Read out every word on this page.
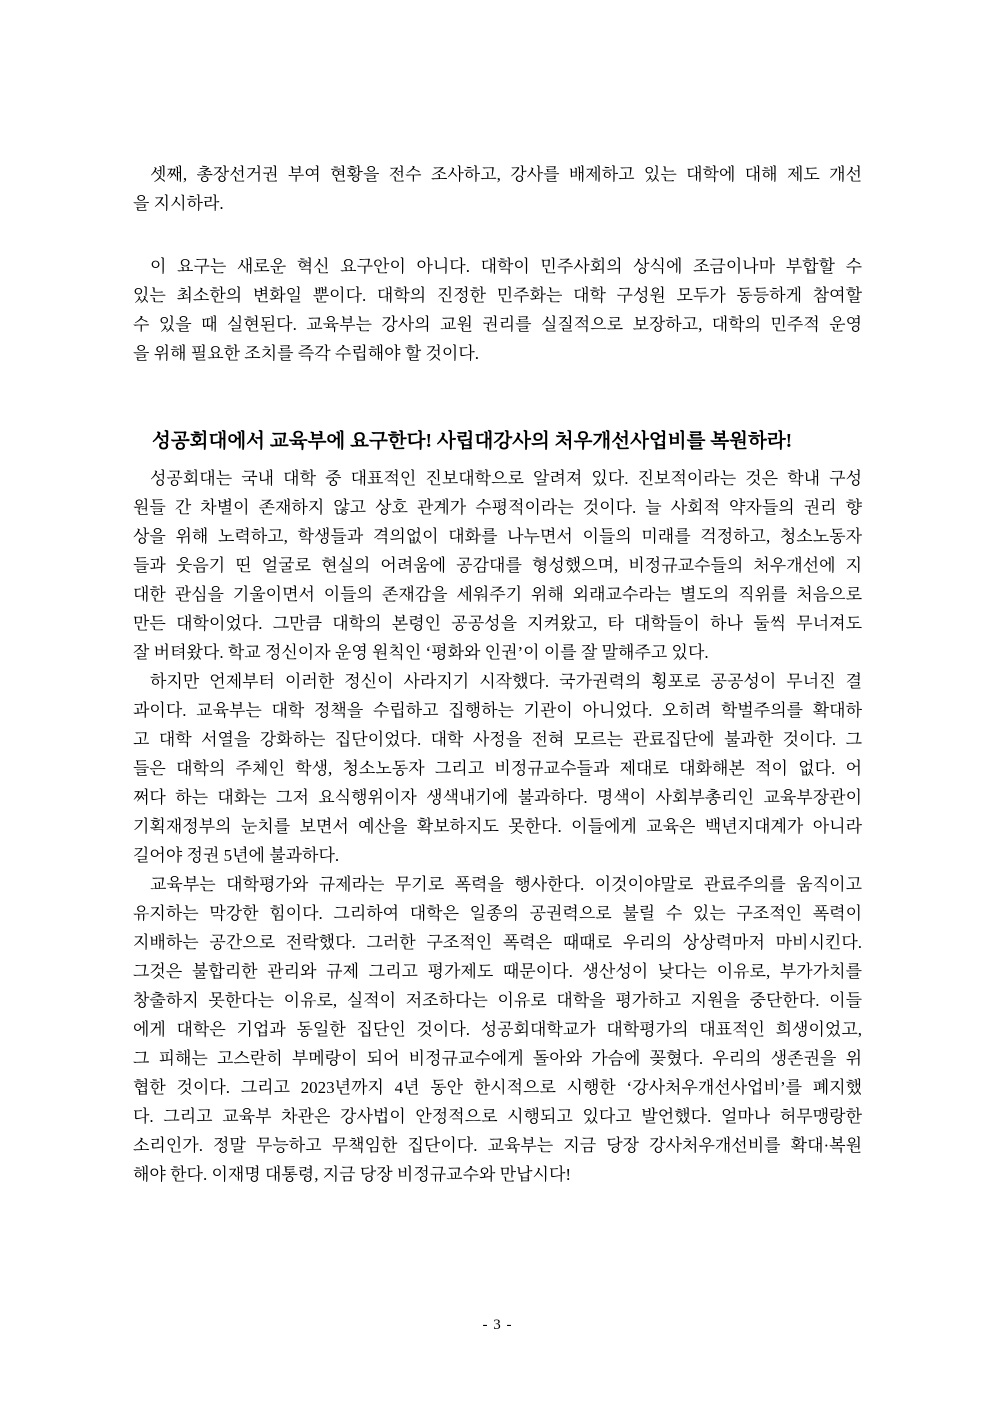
셋째, 총장선거권 부여 현황을 전수 조사하고, 강사를 배제하고 있는 대학에 대해 제도 개선
을 지시하라.
이 요구는 새로운 혁신 요구안이 아니다. 대학이 민주사회의 상식에 조금이나마 부합할 수
있는 최소한의 변화일 뿐이다. 대학의 진정한 민주화는 대학 구성원 모두가 동등하게 참여할
수 있을 때 실현된다. 교육부는 강사의 교원 권리를 실질적으로 보장하고, 대학의 민주적 운영
을 위해 필요한 조치를 즉각 수립해야 할 것이다.
성공회대에서 교육부에 요구한다! 사립대강사의 처우개선사업비를 복원하라!
성공회대는 국내 대학 중 대표적인 진보대학으로 알려져 있다. 진보적이라는 것은 학내 구성
원들 간 차별이 존재하지 않고 상호 관계가 수평적이라는 것이다. 늘 사회적 약자들의 권리 향
상을 위해 노력하고, 학생들과 격의없이 대화를 나누면서 이들의 미래를 걱정하고, 청소노동자
들과 웃음기 띤 얼굴로 현실의 어려움에 공감대를 형성했으며, 비정규교수들의 처우개선에 지
대한 관심을 기울이면서 이들의 존재감을 세워주기 위해 외래교수라는 별도의 직위를 처음으로
만든 대학이었다. 그만큼 대학의 본령인 공공성을 지켜왔고, 타 대학들이 하나 둘씩 무너져도
잘 버텨왔다. 학교 정신이자 운영 원칙인 ‘평화와 인권’이 이를 잘 말해주고 있다.
하지만 언제부터 이러한 정신이 사라지기 시작했다. 국가권력의 횡포로 공공성이 무너진 결
과이다. 교육부는 대학 정책을 수립하고 집행하는 기관이 아니었다. 오히려 학벌주의를 확대하
고 대학 서열을 강화하는 집단이었다. 대학 사정을 전혀 모르는 관료집단에 불과한 것이다. 그
들은 대학의 주체인 학생, 청소노동자 그리고 비정규교수들과 제대로 대화해본 적이 없다. 어
쩌다 하는 대화는 그저 요식행위이자 생색내기에 불과하다. 명색이 사회부총리인 교육부장관이
기획재정부의 눈치를 보면서 예산을 확보하지도 못한다. 이들에게 교육은 백년지대계가 아니라
길어야 정권 5년에 불과하다.
교육부는 대학평가와 규제라는 무기로 폭력을 행사한다. 이것이야말로 관료주의를 움직이고
유지하는 막강한 힘이다. 그리하여 대학은 일종의 공권력으로 불릴 수 있는 구조적인 폭력이
지배하는 공간으로 전락했다. 그러한 구조적인 폭력은 때때로 우리의 상상력마저 마비시킨다.
그것은 불합리한 관리와 규제 그리고 평가제도 때문이다. 생산성이 낮다는 이유로, 부가가치를
창출하지 못한다는 이유로, 실적이 저조하다는 이유로 대학을 평가하고 지원을 중단한다. 이들
에게 대학은 기업과 동일한 집단인 것이다. 성공회대학교가 대학평가의 대표적인 희생이었고,
그 피해는 고스란히 부메랑이 되어 비정규교수에게 돌아와 가슴에 꽂혔다. 우리의 생존권을 위
협한 것이다. 그리고 2023년까지 4년 동안 한시적으로 시행한 ‘강사처우개선사업비’를 폐지했
다. 그리고 교육부 차관은 강사법이 안정적으로 시행되고 있다고 발언했다. 얼마나 허무맹랑한
소리인가. 정말 무능하고 무책임한 집단이다. 교육부는 지금 당장 강사처우개선비를 확대·복원
해야 한다. 이재명 대통령, 지금 당장 비정규교수와 만납시다!
- 3 -
